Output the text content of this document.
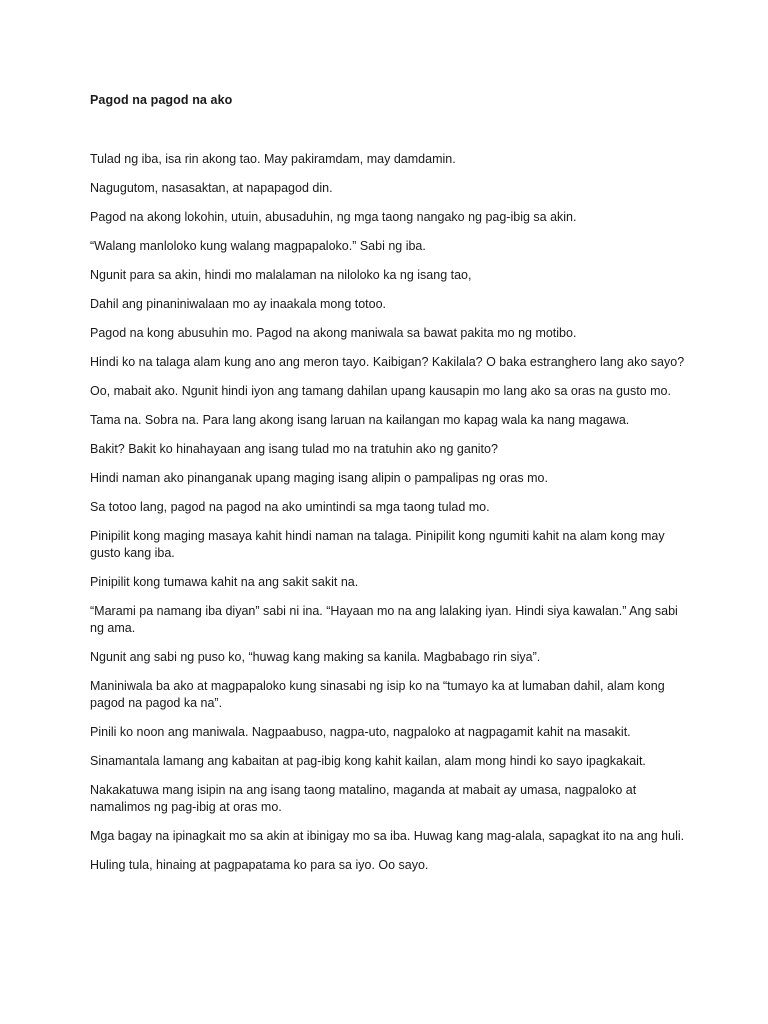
Pagod na pagod na ako

Tulad ng iba, isa rin akong tao. May pakiramdam, may damdamin.

Nagugutom, nasasaktan, at napapagod din.

Pagod na akong lokohin, utuin, abusaduhin, ng mga taong nangako ng pag-ibig sa akin.

“Walang manloloko kung walang magpapaloko.” Sabi ng iba.

Ngunit para sa akin, hindi mo malalaman na niloloko ka ng isang tao,

Dahil ang pinaniniwalaan mo ay inaakala mong totoo.

Pagod na kong abusuhin mo. Pagod na akong maniwala sa bawat pakita mo ng motibo.

Hindi ko na talaga alam kung ano ang meron tayo. Kaibigan? Kakilala? O baka estranghero lang ako sayo?

Oo, mabait ako. Ngunit hindi iyon ang tamang dahilan upang kausapin mo lang ako sa oras na gusto mo.

Tama na. Sobra na. Para lang akong isang laruan na kailangan mo kapag wala ka nang magawa.

Bakit? Bakit ko hinahayaan ang isang tulad mo na tratuhin ako ng ganito?

Hindi naman ako pinanganak upang maging isang alipin o pampalipas ng oras mo.

Sa totoo lang, pagod na pagod na ako umintindi sa mga taong tulad mo.

Pinipilit kong maging masaya kahit hindi naman na talaga. Pinipilit kong ngumiti kahit na alam kong may gusto kang iba.

Pinipilit kong tumawa kahit na ang sakit sakit na.

“Marami pa namang iba diyan” sabi ni ina. “Hayaan mo na ang lalaking iyan. Hindi siya kawalan.” Ang sabi ng ama.

Ngunit ang sabi ng puso ko, “huwag kang making sa kanila. Magbabago rin siya”.

Maniniwala ba ako at magpapaloko kung sinasabi ng isip ko na “tumayo ka at lumaban dahil, alam kong pagod na pagod ka na”.

Pinili ko noon ang maniwala. Nagpaabuso, nagpa-uto, nagpaloko at nagpagamit kahit na masakit.

Sinamantala lamang ang kabaitan at pag-ibig kong kahit kailan, alam mong hindi ko sayo ipagkakait.

Nakakatuwa mang isipin na ang isang taong matalino, maganda at mabait ay umasa, nagpaloko at namalimos ng pag-ibig at oras mo.

Mga bagay na ipinagkait mo sa akin at ibinigay mo sa iba. Huwag kang mag-alala, sapagkat ito na ang huli.

Huling tula, hinaing at pagpapatama ko para sa iyo. Oo sayo.
